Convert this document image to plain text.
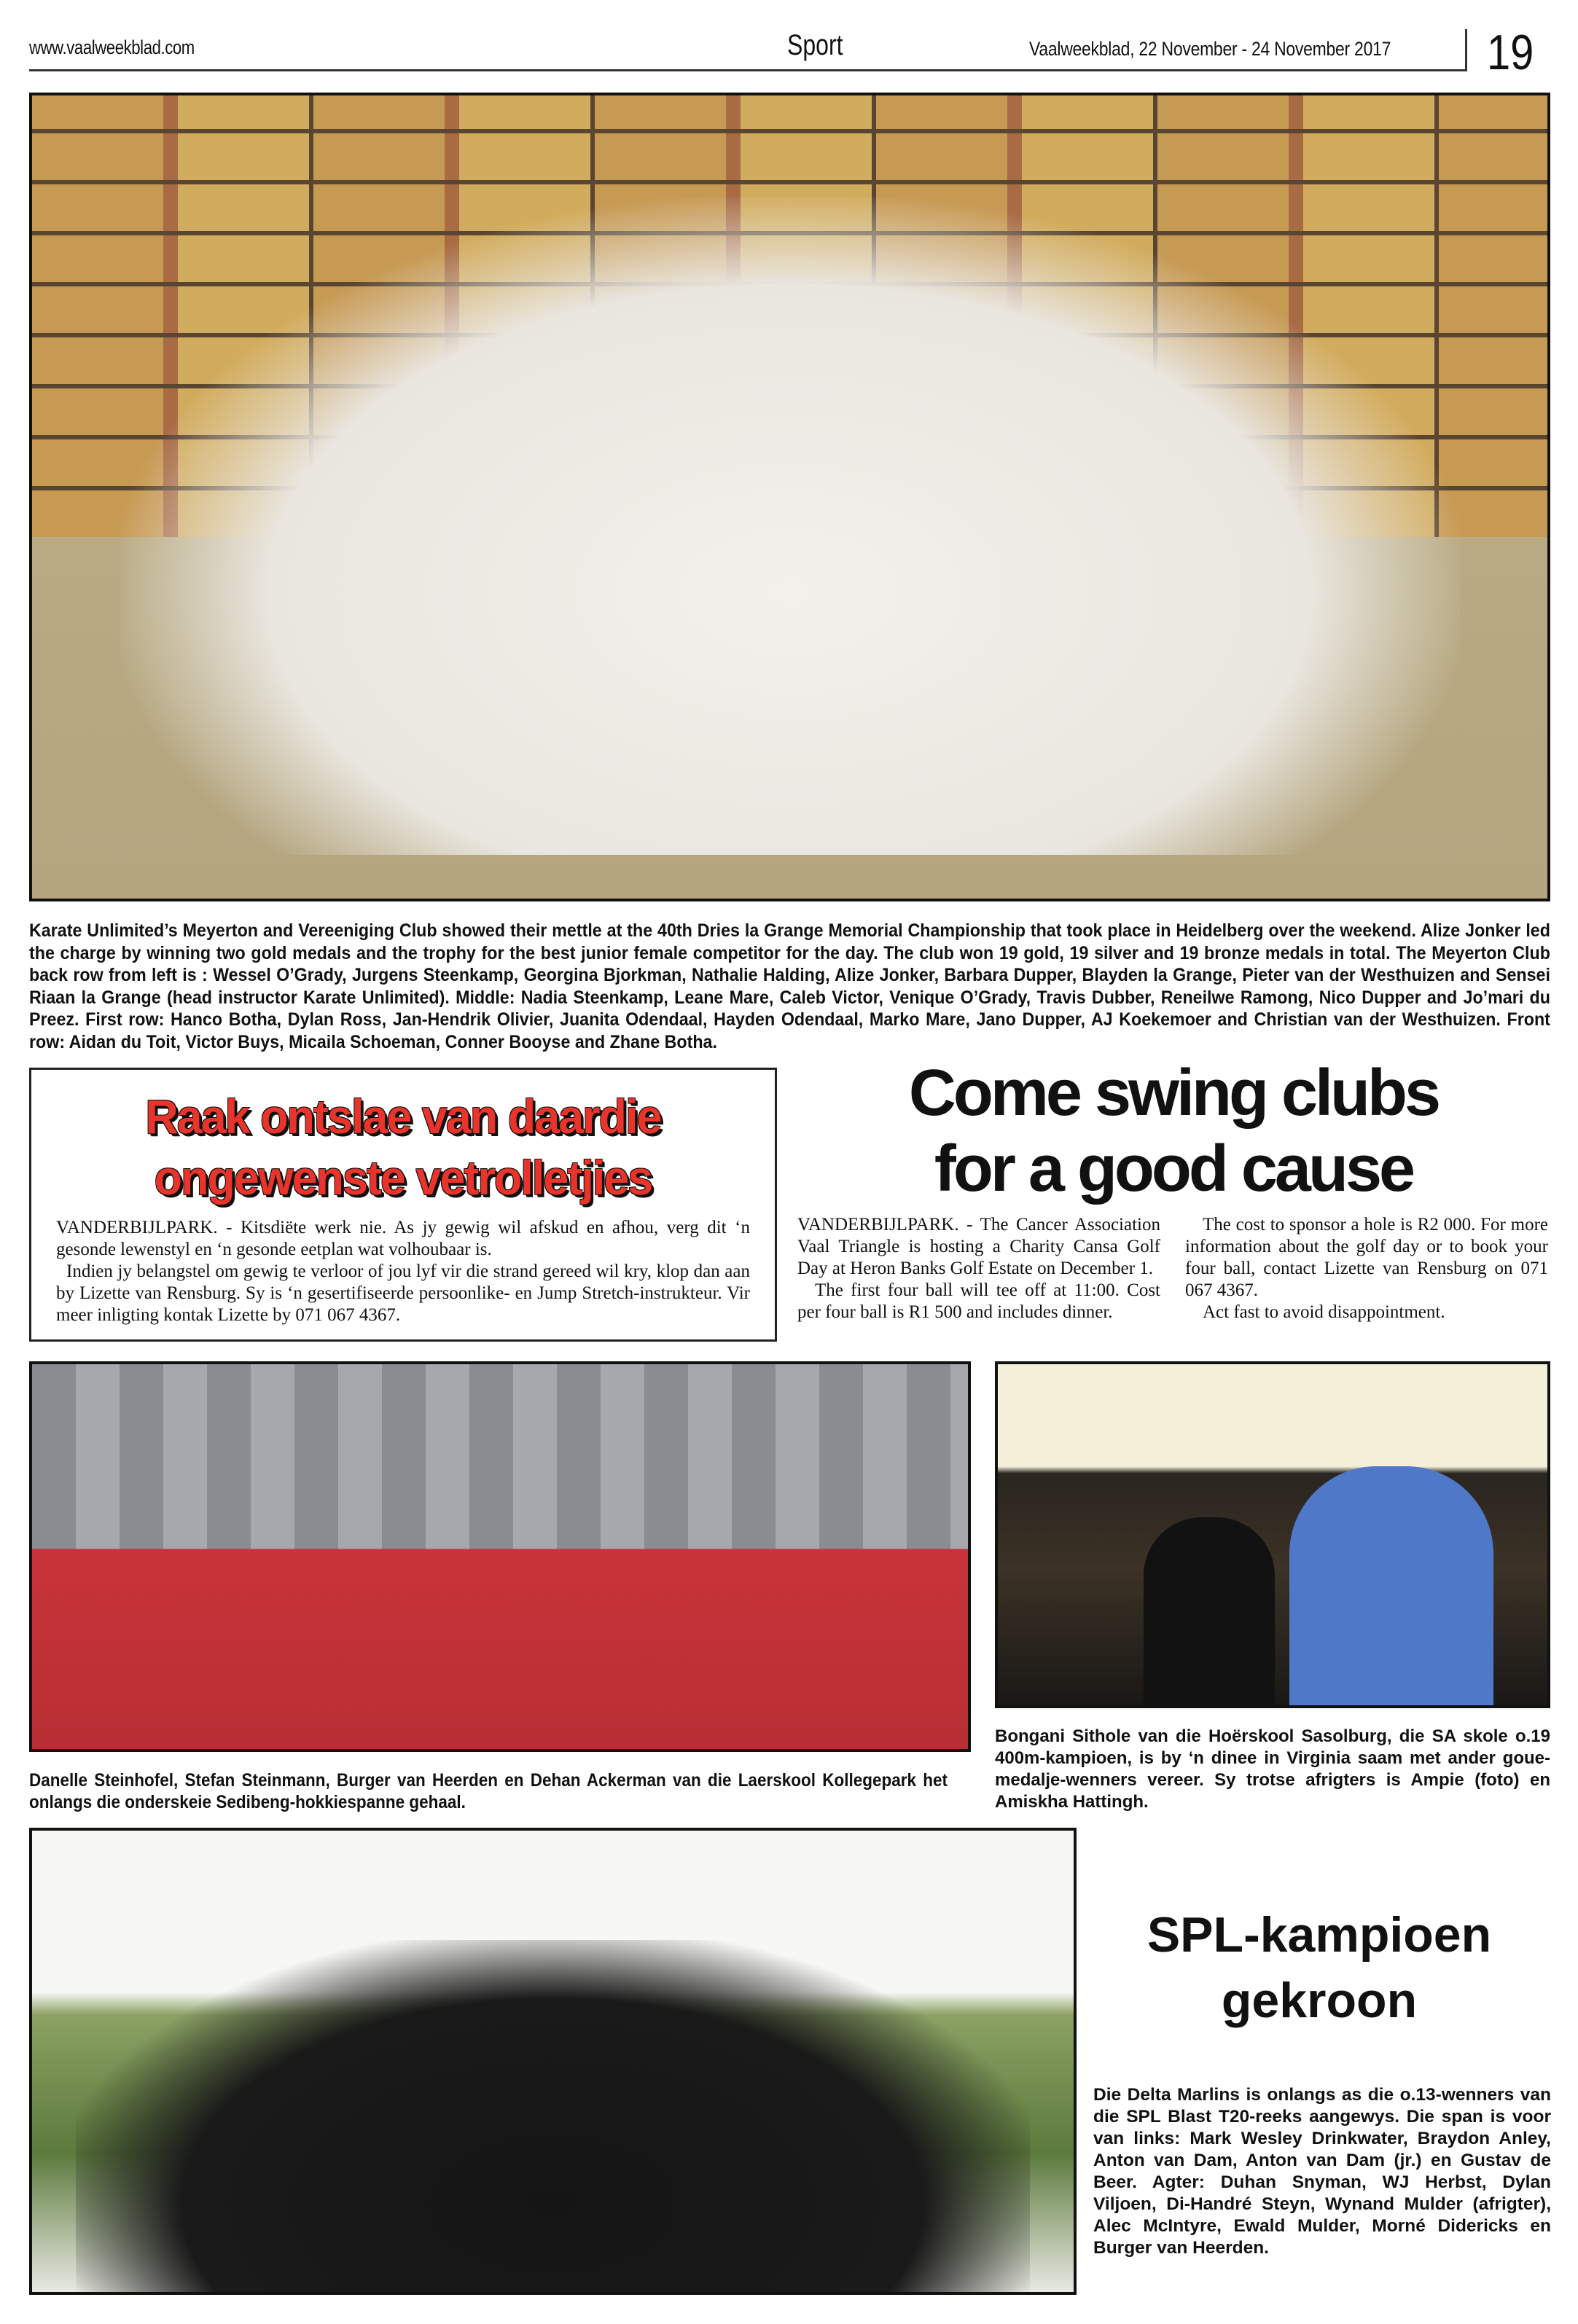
www.vaalweekblad.com	Sport	Vaalweekblad, 22 November - 24 November 2017 19
Karate Unlimited’s Meyerton and Vereeniging Club showed their mettle at the 40th Dries la Grange Memorial Championship that took place in Heidelberg over the weekend. Alize Jonker led the charge by winning two gold medals and the trophy for the best junior female competitor for the day. The club won 19 gold, 19 silver and 19 bronze medals in total. The Meyerton Club back row from left is : Wessel O’Grady, Jurgens Steenkamp, Georgina Bjorkman, Nathalie Halding, Alize Jonker, Barbara Dupper, Blayden la Grange, Pieter van der Westhuizen and Sensei Riaan la Grange (head instructor Karate Unlimited). Middle: Nadia Steenkamp, Leane Mare, Caleb Victor, Venique O’Grady, Travis Dubber, Reneilwe Ramong, Nico Dupper and Jo’mari du Preez. First row: Hanco Botha, Dylan Ross, Jan-Hendrik Olivier, Juanita Odendaal, Hayden Odendaal, Marko Mare, Jano Dupper, AJ Koekemoer and Christian van der Westhuizen. Front row: Aidan du Toit, Victor Buys, Micaila Schoeman, Conner Booyse and Zhane Botha.
Raak ontslae van daardie
ongewenste vetrolletjies

VANDERBIJLPARK. - Kitsdiëte werk nie. As jy gewig wil afskud en afhou, verg dit ‘n gesonde lewenstyl en ‘n gesonde eetplan wat volhoubaar is.

Indien jy belangstel om gewig te verloor of jou lyf vir die strand gereed wil kry, klop dan aan by Lizette van Rensburg. Sy is ‘n gesertifiseerde persoonlike- en Jump Stretch-instrukteur. Vir meer inligting kontak Lizette by 071 067 4367.

Come swing clubs
for a good cause

VANDERBIJLPARK. - The Cancer Association Vaal Triangle is hosting a Charity Cansa Golf Day at Heron Banks Golf Estate on December 1.

The first four ball will tee off at 11:00. Cost per four ball is R1 500 and includes dinner.

The cost to sponsor a hole is R2 000. For more information about the golf day or to book your four ball, contact Lizette van Rensburg on 071 067 4367.

Act fast to avoid disappointment.

Danelle Steinhofel, Stefan Steinmann, Burger van Heerden en Dehan Ackerman van die Laerskool Kollegepark het onlangs die onderskeie Sedibeng-hokkiespanne gehaal.
Bongani Sithole van die Hoërskool Sasolburg, die SA skole o.19 400m-kampioen, is by ‘n dinee in Virginia saam met ander goue-medalje-wenners vereer. Sy trotse afrigters is Ampie (foto) en Amiskha Hattingh.
SPL-kampioen
gekroon
Die Delta Marlins is onlangs as die o.13-wenners van die SPL Blast T20-reeks aangewys. Die span is voor van links: Mark Wesley Drinkwater, Braydon Anley, Anton van Dam, Anton van Dam (jr.) en Gustav de Beer. Agter: Duhan Snyman, WJ Herbst, Dylan Viljoen, Di-Handré Steyn, Wynand Mulder (afrigter), Alec McIntyre, Ewald Mulder, Morné Didericks en Burger van Heerden.
